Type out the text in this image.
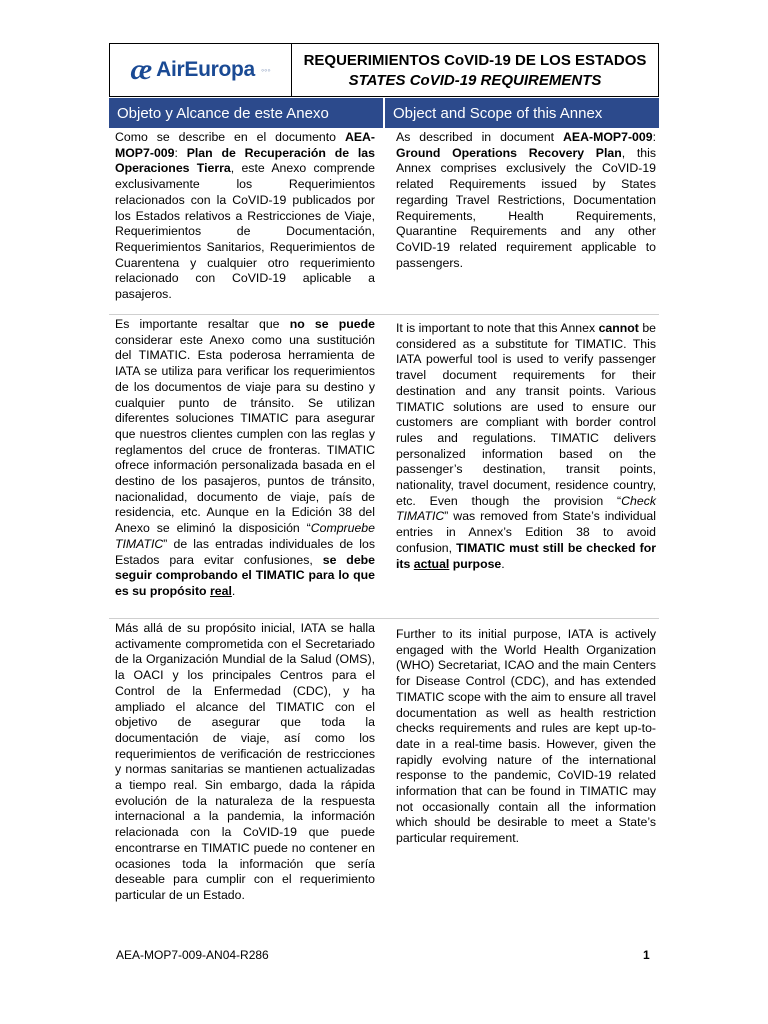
æ AirEuropa ◦◦◦
REQUERIMIENTOS CoVID-19 DE LOS ESTADOS
STATES CoVID-19 REQUIREMENTS
Objeto y Alcance de este Anexo	Object and Scope of this Annex
Como se describe en el documento AEA-MOP7-009: Plan de Recuperación de las Operaciones Tierra, este Anexo comprende exclusivamente los Requerimientos relacionados con la CoVID-19 publicados por los Estados relativos a Restricciones de Viaje, Requerimientos de Documentación, Requerimientos Sanitarios, Requerimientos de Cuarentena y cualquier otro requerimiento relacionado con CoVID-19 aplicable a pasajeros.
As described in document AEA-MOP7-009: Ground Operations Recovery Plan, this Annex comprises exclusively the CoVID-19 related Requirements issued by States regarding Travel Restrictions, Documentation Requirements, Health Requirements, Quarantine Requirements and any other CoVID-19 related requirement applicable to passengers.
Es importante resaltar que no se puede considerar este Anexo como una sustitución del TIMATIC. Esta poderosa herramienta de IATA se utiliza para verificar los requerimientos de los documentos de viaje para su destino y cualquier punto de tránsito. Se utilizan diferentes soluciones TIMATIC para asegurar que nuestros clientes cumplen con las reglas y reglamentos del cruce de fronteras. TIMATIC ofrece información personalizada basada en el destino de los pasajeros, puntos de tránsito, nacionalidad, documento de viaje, país de residencia, etc. Aunque en la Edición 38 del Anexo se eliminó la disposición “Compruebe TIMATIC” de las entradas individuales de los Estados para evitar confusiones, se debe seguir comprobando el TIMATIC para lo que es su propósito real.
It is important to note that this Annex cannot be considered as a substitute for TIMATIC. This IATA powerful tool is used to verify passenger travel document requirements for their destination and any transit points. Various TIMATIC solutions are used to ensure our customers are compliant with border control rules and regulations. TIMATIC delivers personalized information based on the passenger’s destination, transit points, nationality, travel document, residence country, etc. Even though the provision “Check TIMATIC” was removed from State’s individual entries in Annex’s Edition 38 to avoid confusion, TIMATIC must still be checked for its actual purpose.
Más allá de su propósito inicial, IATA se halla activamente comprometida con el Secretariado de la Organización Mundial de la Salud (OMS), la OACI y los principales Centros para el Control de la Enfermedad (CDC), y ha ampliado el alcance del TIMATIC con el objetivo de asegurar que toda la documentación de viaje, así como los requerimientos de verificación de restricciones y normas sanitarias se mantienen actualizadas a tiempo real. Sin embargo, dada la rápida evolución de la naturaleza de la respuesta internacional a la pandemia, la información relacionada con la CoVID-19 que puede encontrarse en TIMATIC puede no contener en ocasiones toda la información que sería deseable para cumplir con el requerimiento particular de un Estado.
Further to its initial purpose, IATA is actively engaged with the World Health Organization (WHO) Secretariat, ICAO and the main Centers for Disease Control (CDC), and has extended TIMATIC scope with the aim to ensure all travel documentation as well as health restriction checks requirements and rules are kept up-to-date in a real-time basis. However, given the rapidly evolving nature of the international response to the pandemic, CoVID-19 related information that can be found in TIMATIC may not occasionally contain all the information which should be desirable to meet a State’s particular requirement.
AEA-MOP7-009-AN04-R286	1
